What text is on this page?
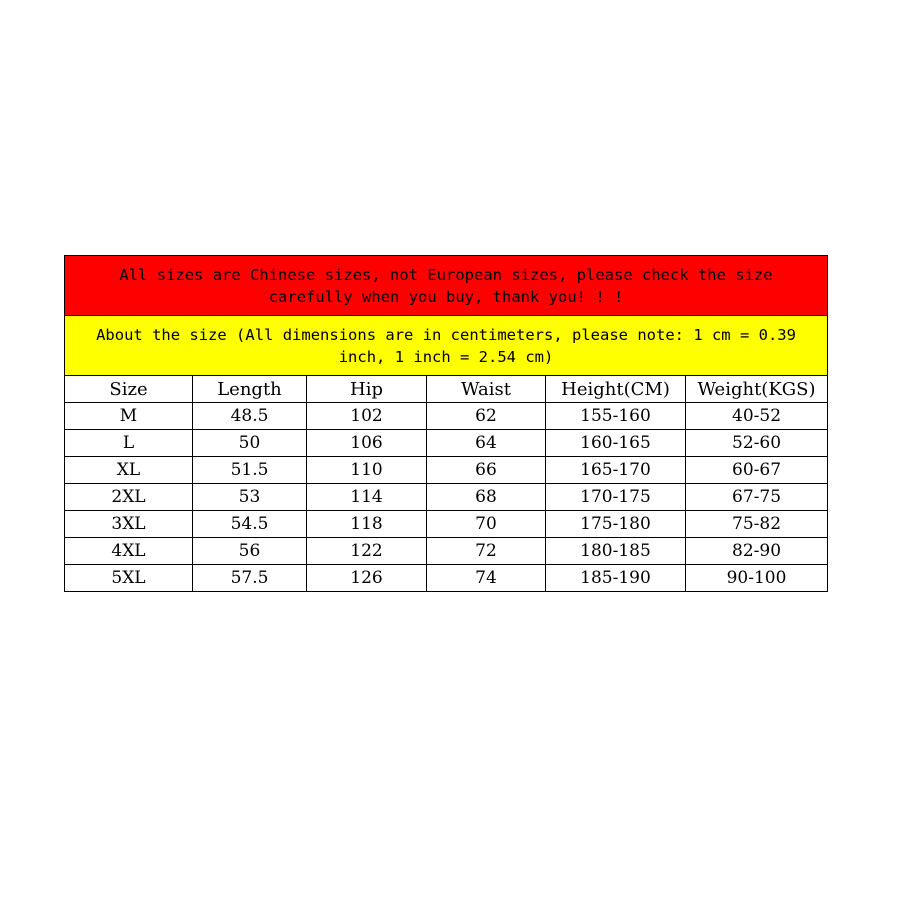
All sizes are Chinese sizes, not European sizes, please check the size carefully when you buy, thank you! ! !					
About the size (All dimensions are in centimeters, please note: 1 cm = 0.39 inch, 1 inch = 2.54 cm)					
Size	Length	Hip	Waist	Height(CM)	Weight(KGS)
M	48.5	102	62	155-160	40-52
L	50	106	64	160-165	52-60
XL	51.5	110	66	165-170	60-67
2XL	53	114	68	170-175	67-75
3XL	54.5	118	70	175-180	75-82
4XL	56	122	72	180-185	82-90
5XL	57.5	126	74	185-190	90-100
